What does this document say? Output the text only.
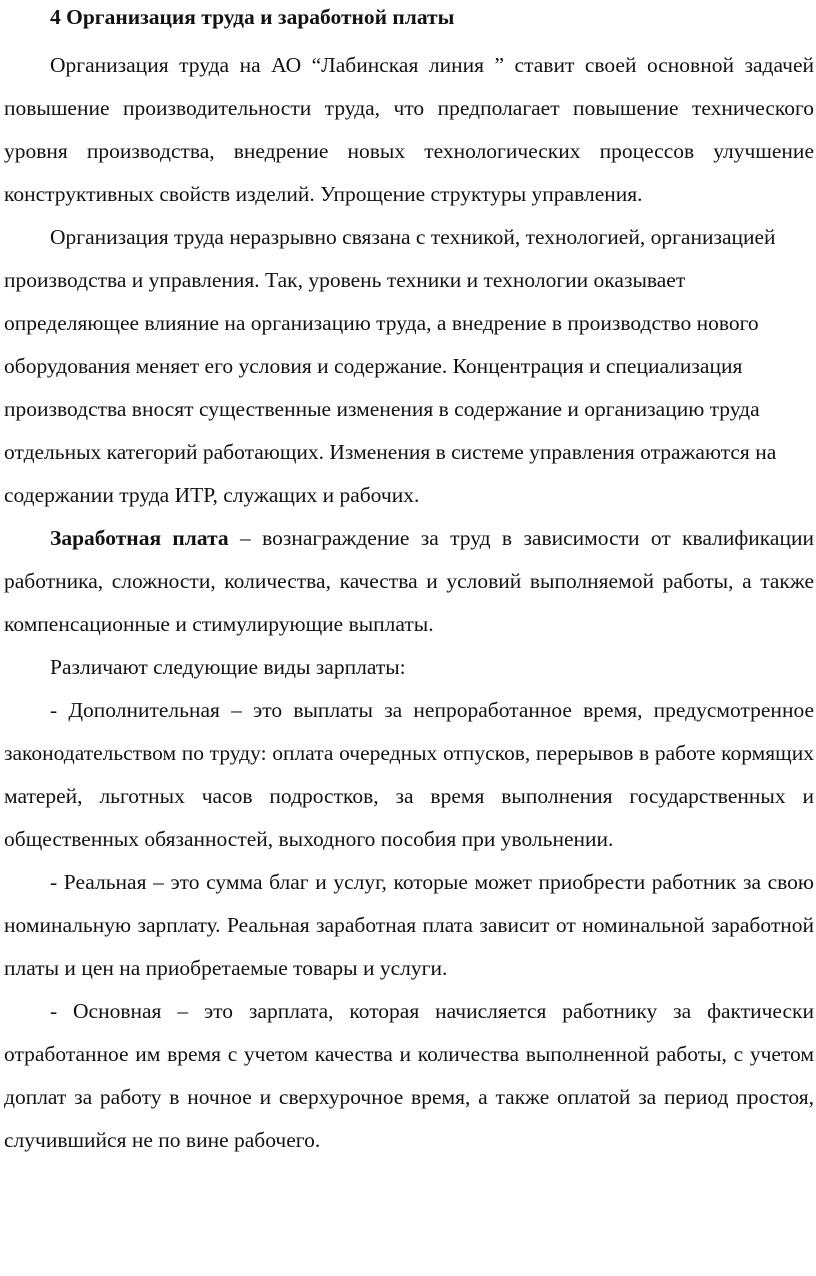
4 Организация труда и заработной платы

Организация труда на АО “Лабинская линия ” ставит своей основной задачей повышение производительности труда, что предполагает повышение технического уровня производства, внедрение новых технологических процессов улучшение конструктивных свойств изделий. Упрощение структуры управления.

Организация труда неразрывно связана с техникой, технологией, организацией производства и управления. Так, уровень техники и технологии оказывает определяющее влияние на организацию труда, а внедрение в производство нового оборудования меняет его условия и содержание. Концентрация и специализация производства вносят существенные изменения в содержание и организацию труда отдельных категорий работающих. Изменения в системе управления отражаются на содержании труда ИТР, служащих и рабочих.

Заработная плата – вознаграждение за труд в зависимости от квалификации работника, сложности, количества, качества и условий выполняемой работы, а также компенсационные и стимулирующие выплаты.

Различают следующие виды зарплаты:

- Дополнительная – это выплаты за непроработанное время, предусмотренное законодательством по труду: оплата очередных отпусков, перерывов в работе кормящих матерей, льготных часов подростков, за время выполнения государственных и общественных обязанностей, выходного пособия при увольнении.

- Реальная – это сумма благ и услуг, которые может приобрести работник за свою номинальную зарплату. Реальная заработная плата зависит от номинальной заработной платы и цен на приобретаемые товары и услуги.

- Основная – это зарплата, которая начисляется работнику за фактически отработанное им время с учетом качества и количества выполненной работы, с учетом доплат за работу в ночное и сверхурочное время, а также оплатой за период простоя, случившийся не по вине рабочего.
